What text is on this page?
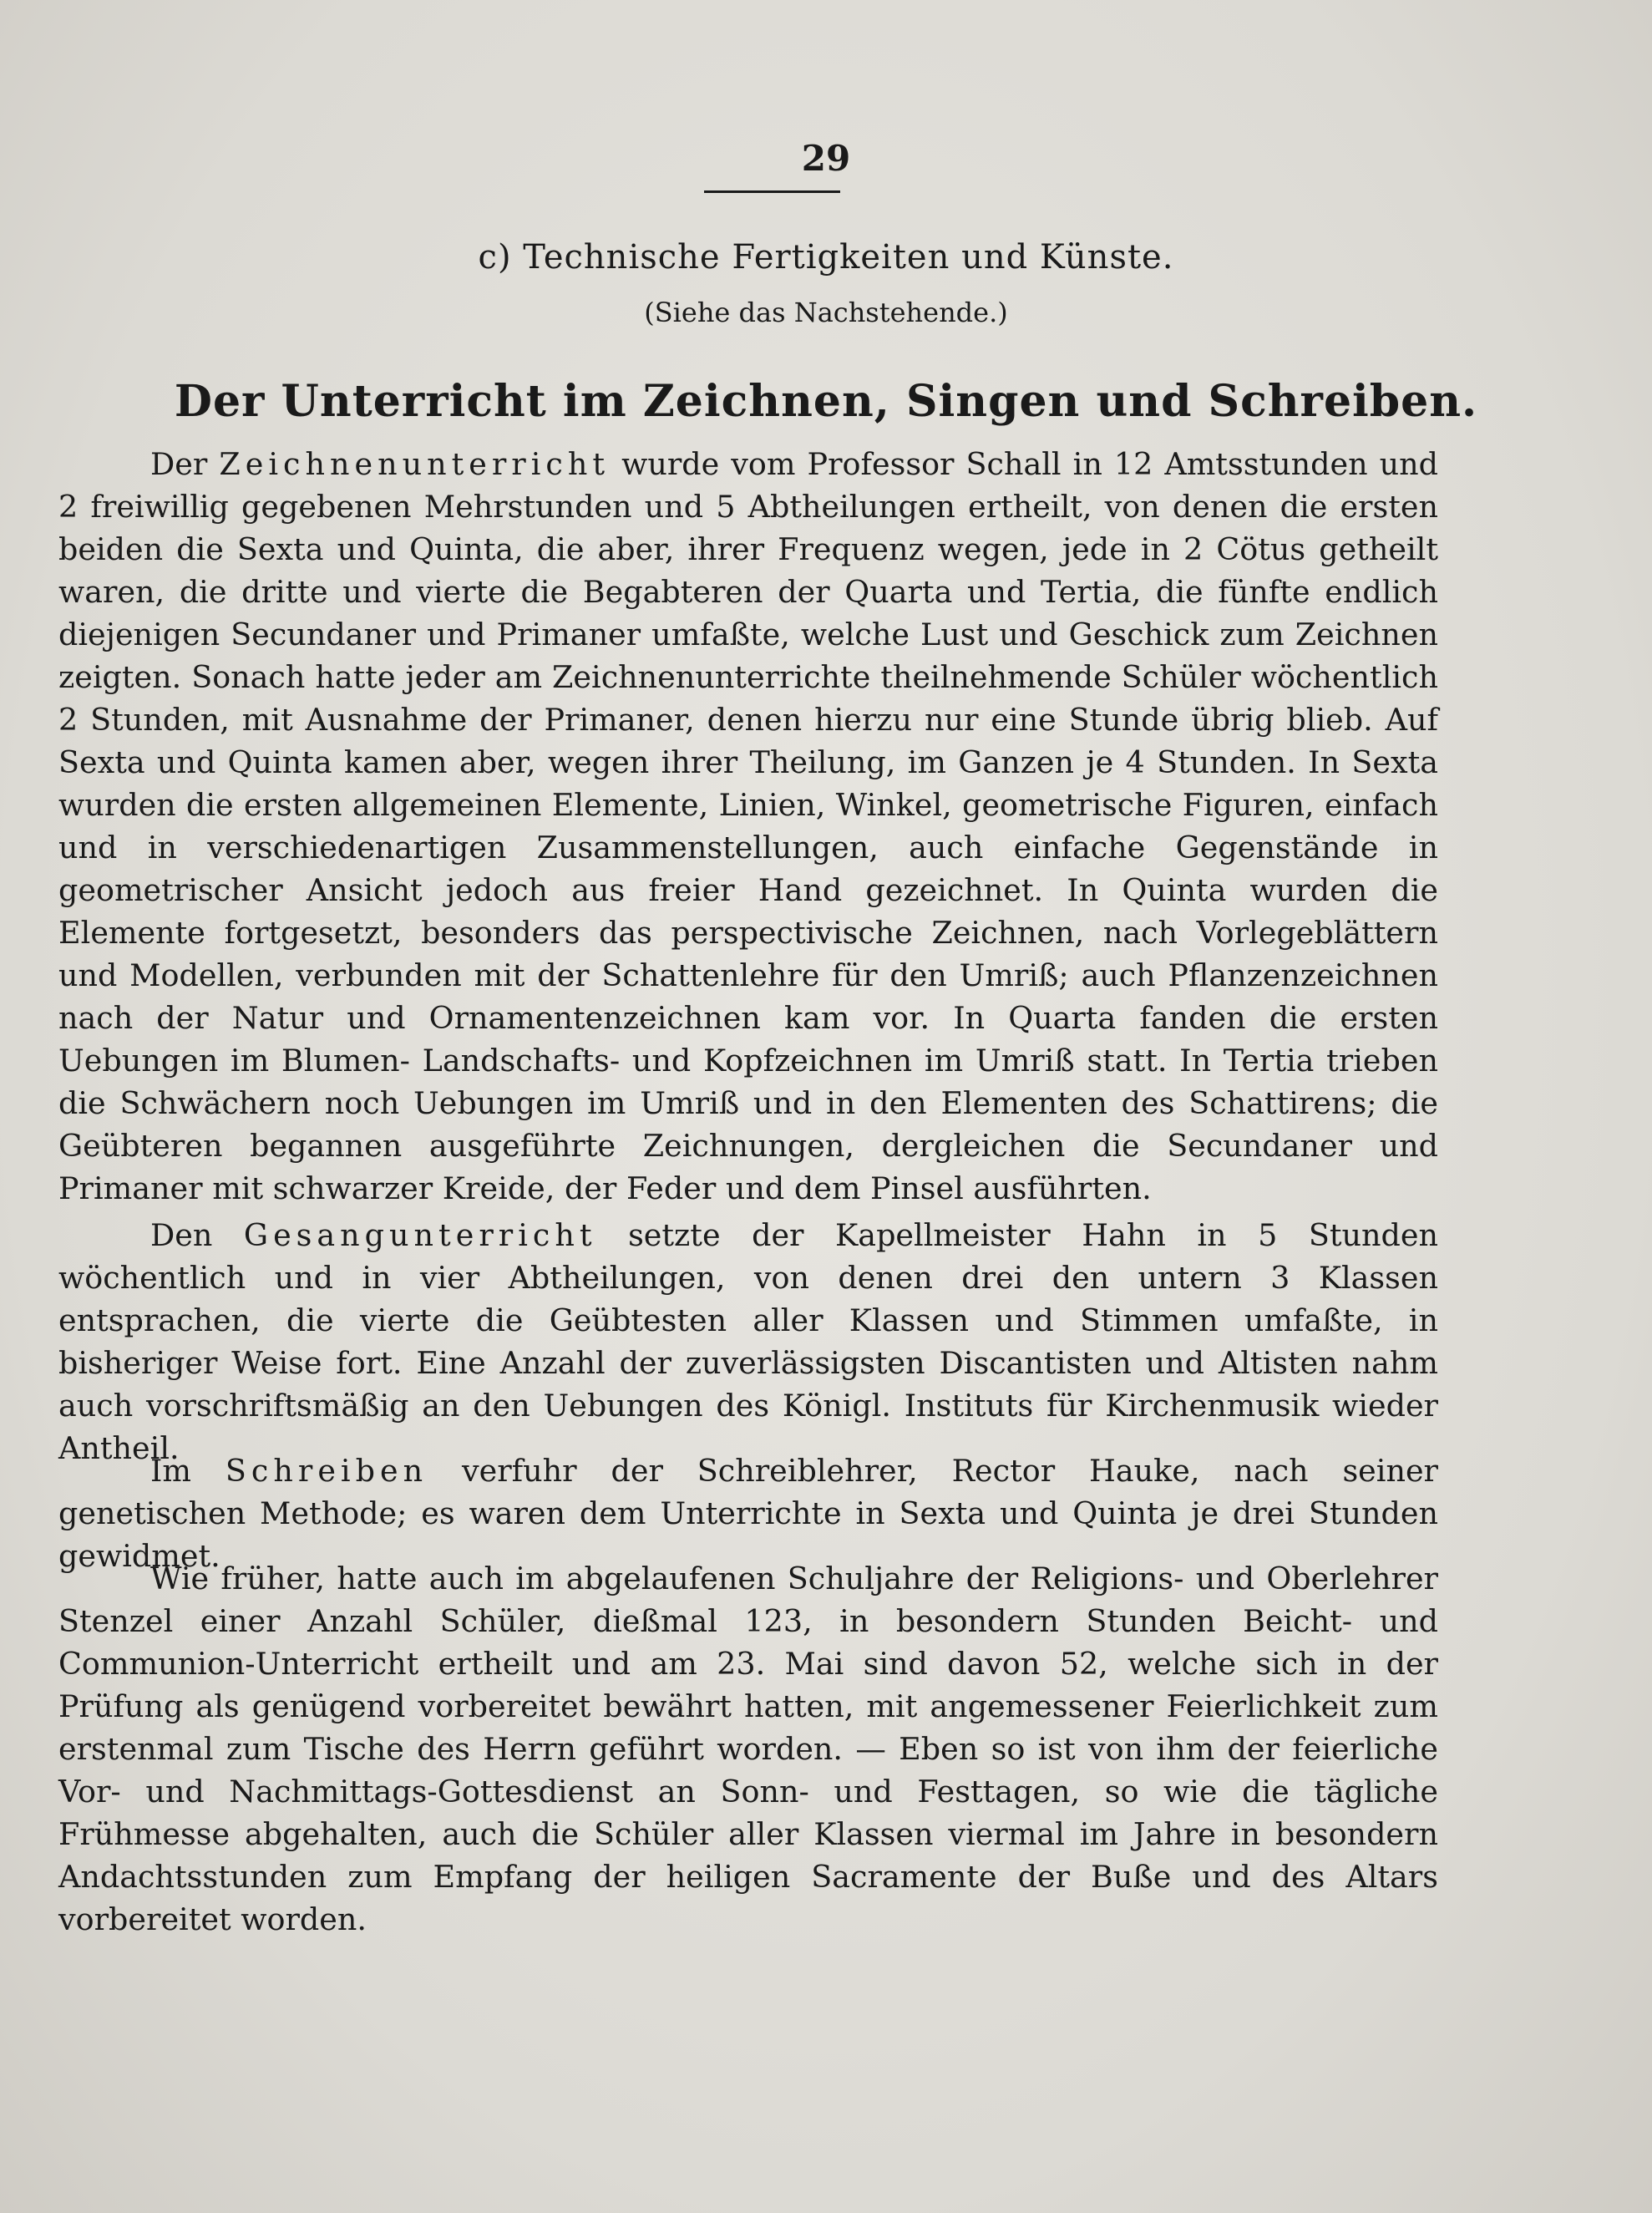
29
c) Technische Fertigkeiten und Künste.
(Siehe das Nachstehende.)
Der Unterricht im Zeichnen, Singen und Schreiben.

Der Zeichnenunterricht wurde vom Professor Schall in 12 Amtsstunden und 2 freiwillig gegebenen Mehrstunden und 5 Abtheilungen ertheilt, von denen die ersten beiden die Sexta und Quinta, die aber, ihrer Frequenz wegen, jede in 2 Cötus getheilt waren, die dritte und vierte die Begabteren der Quarta und Tertia, die fünfte endlich diejenigen Secundaner und Primaner umfaßte, welche Lust und Geschick zum Zeichnen zeigten. Sonach hatte jeder am Zeichnenunterrichte theilnehmende Schüler wöchentlich 2 Stunden, mit Ausnahme der Primaner, denen hierzu nur eine Stunde übrig blieb. Auf Sexta und Quinta kamen aber, wegen ihrer Theilung, im Ganzen je 4 Stunden. In Sexta wurden die ersten allgemeinen Elemente, Linien, Winkel, geometrische Figuren, einfach und in verschiedenartigen Zusammenstellungen, auch einfache Gegenstände in geometrischer Ansicht jedoch aus freier Hand gezeichnet. In Quinta wurden die Elemente fortgesetzt, besonders das perspectivische Zeichnen, nach Vorlegeblättern und Modellen, verbunden mit der Schattenlehre für den Umriß; auch Pflanzenzeichnen nach der Natur und Ornamentenzeichnen kam vor. In Quarta fanden die ersten Uebungen im Blumen- Landschafts- und Kopfzeichnen im Umriß statt. In Tertia trieben die Schwächern noch Uebungen im Umriß und in den Elementen des Schattirens; die Geübteren begannen ausgeführte Zeichnungen, dergleichen die Secundaner und Primaner mit schwarzer Kreide, der Feder und dem Pinsel ausführten.

Den Gesangunterricht setzte der Kapellmeister Hahn in 5 Stunden wöchentlich und in vier Abtheilungen, von denen drei den untern 3 Klassen entsprachen, die vierte die Geübtesten aller Klassen und Stimmen umfaßte, in bisheriger Weise fort. Eine Anzahl der zuverlässigsten Discantisten und Altisten nahm auch vorschriftsmäßig an den Uebungen des Königl. Instituts für Kirchenmusik wieder Antheil.

Im Schreiben verfuhr der Schreiblehrer, Rector Hauke, nach seiner genetischen Methode; es waren dem Unterrichte in Sexta und Quinta je drei Stunden gewidmet.

Wie früher, hatte auch im abgelaufenen Schuljahre der Religions- und Oberlehrer Stenzel einer Anzahl Schüler, dießmal 123, in besondern Stunden Beicht- und Communion-Unterricht ertheilt und am 23. Mai sind davon 52, welche sich in der Prüfung als genügend vorbereitet bewährt hatten, mit angemessener Feierlichkeit zum erstenmal zum Tische des Herrn geführt worden. — Eben so ist von ihm der feierliche Vor- und Nachmittags-Gottesdienst an Sonn- und Festtagen, so wie die tägliche Frühmesse abgehalten, auch die Schüler aller Klassen viermal im Jahre in besondern Andachtsstunden zum Empfang der heiligen Sacramente der Buße und des Altars vorbereitet worden.
